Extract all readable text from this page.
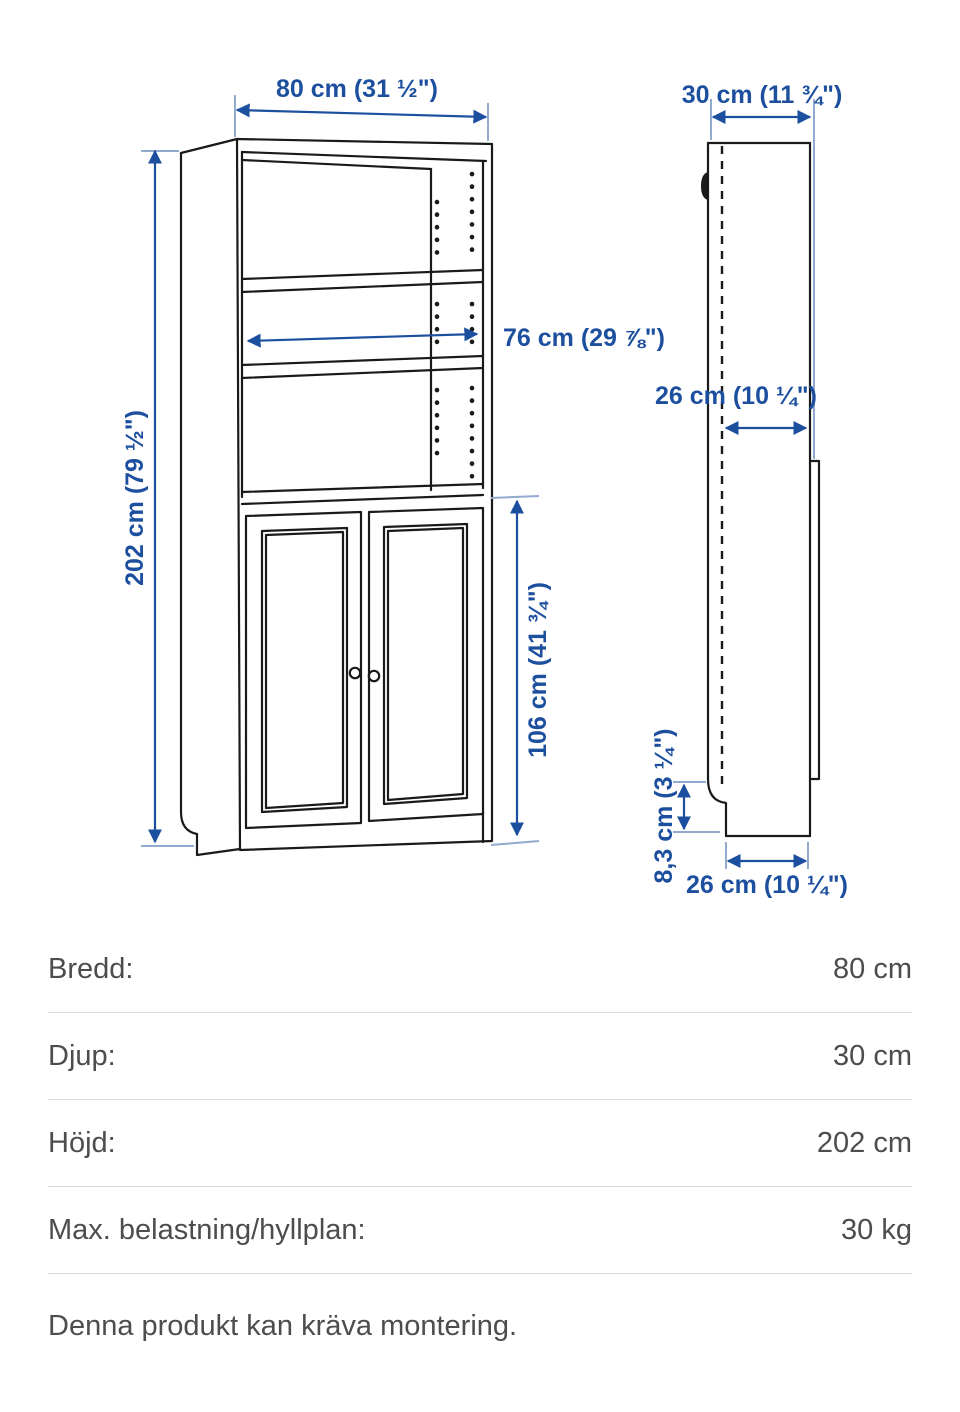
80 cm (31 ½")
202 cm (79 ½")
76 cm (29 ⅞")
106 cm (41 ¾")
30 cm (11 ¾")
26 cm (10 ¼")
8,3 cm (3 ¼")
26 cm (10 ¼")
Bredd:	80 cm
Djup:	30 cm
Höjd:	202 cm
Max. belastning/hyllplan:	30 kg

Denna produkt kan kräva montering.
